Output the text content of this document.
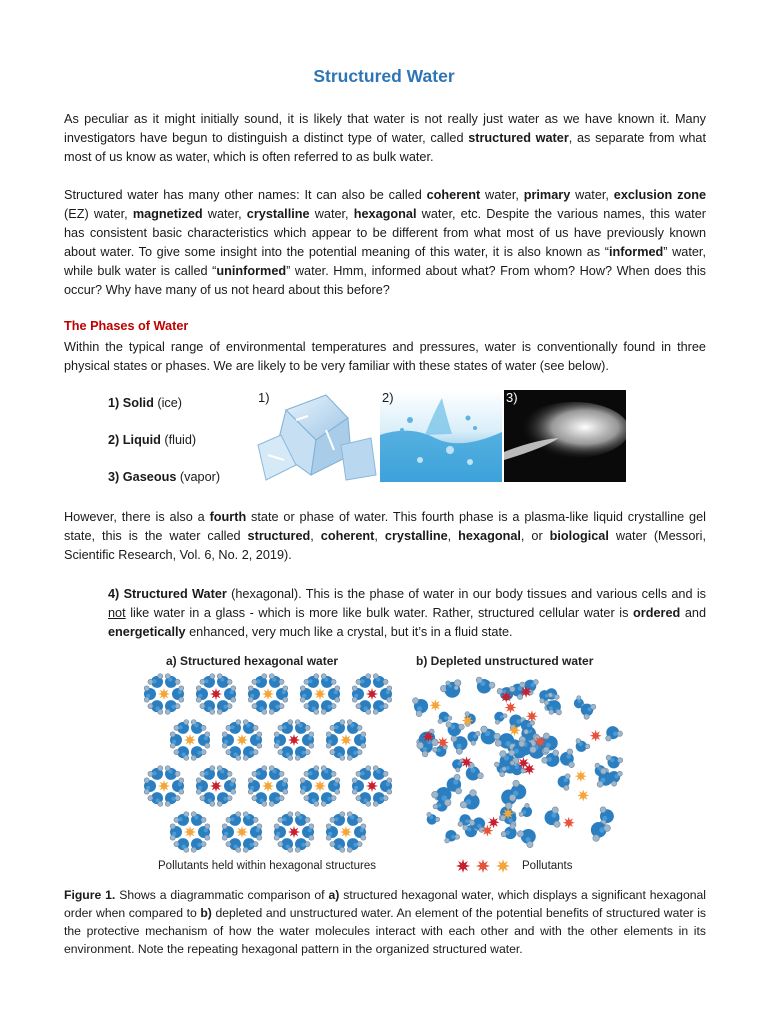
Structured Water

As peculiar as it might initially sound, it is likely that water is not really just water as we have known it. Many investigators have begun to distinguish a distinct type of water, called structured water, as separate from what most of us know as water, which is often referred to as bulk water.

Structured water has many other names: It can also be called coherent water, primary water, exclusion zone (EZ) water, magnetized water, crystalline water, hexagonal water, etc. Despite the various names, this water has consistent basic characteristics which appear to be different from what most of us have previously known about water. To give some insight into the potential meaning of this water, it is also known as “informed” water, while bulk water is called “uninformed” water. Hmm, informed about what? From whom? How? When does this occur? Why have many of us not heard about this before?

The Phases of Water

Within the typical range of environmental temperatures and pressures, water is conventionally found in three physical states or phases. We are likely to be very familiar with these states of water (see below).

1) Solid (ice)
2) Liquid (fluid)
3) Gaseous (vapor)
1)	2)	3)

However, there is also a fourth state or phase of water. This fourth phase is a plasma-like liquid crystalline gel state, this is the water called structured, coherent, crystalline, hexagonal, or biological water (Messori, Scientific Research, Vol. 6, No. 2, 2019).

4) Structured Water (hexagonal). This is the phase of water in our body tissues and various cells and is not like water in a glass - which is more like bulk water. Rather, structured cellular water is ordered and energetically enhanced, very much like a crystal, but it’s in a fluid state.

a) Structured hexagonal water	b) Depleted unstructured water
Pollutants held within hexagonal structures	Pollutants
Figure 1. Shows a diagrammatic comparison of a) structured hexagonal water, which displays a significant hexagonal order when compared to b) depleted and unstructured water. An element of the potential benefits of structured water is the protective mechanism of how the water molecules interact with each other and with the other elements in its environment. Note the repeating hexagonal pattern in the organized structured water.
